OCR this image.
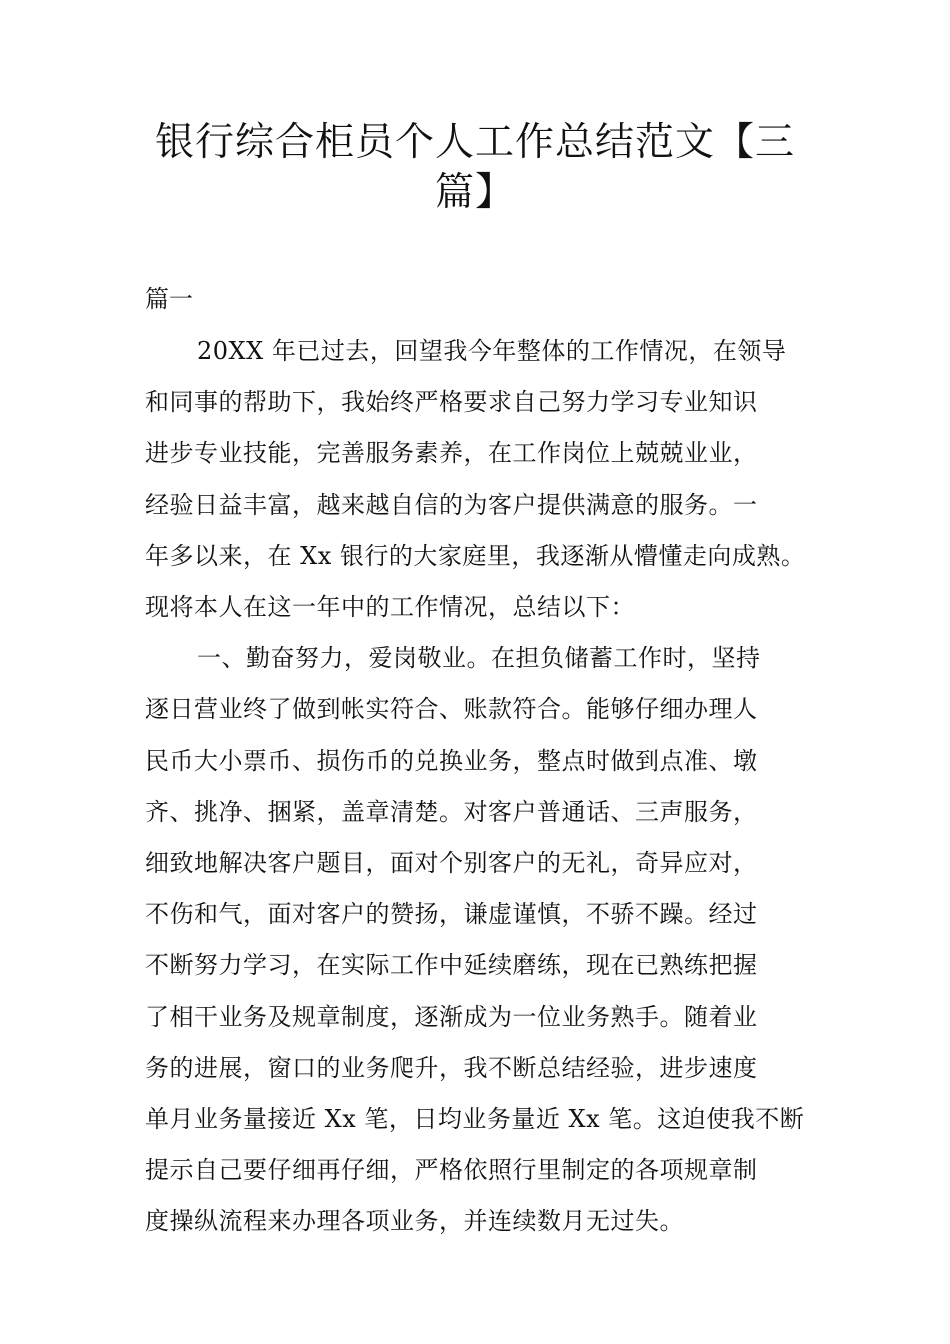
银行综合柜员个人工作总结范文【三
篇】
篇一
20XX 年已过去，回望我今年整体的工作情况，在领导
和同事的帮助下，我始终严格要求自己努力学习专业知识
进步专业技能，完善服务素养，在工作岗位上兢兢业业，
经验日益丰富，越来越自信的为客户提供满意的服务。一
年多以来，在 Xx 银行的大家庭里，我逐渐从懵懂走向成熟。
现将本人在这一年中的工作情况，总结以下：
一、勤奋努力，爱岗敬业。在担负储蓄工作时，坚持
逐日营业终了做到帐实符合、账款符合。能够仔细办理人
民币大小票币、损伤币的兑换业务，整点时做到点准、墩
齐、挑净、捆紧，盖章清楚。对客户普通话、三声服务，
细致地解决客户题目，面对个别客户的无礼，奇异应对，
不伤和气，面对客户的赞扬，谦虚谨慎，不骄不躁。经过
不断努力学习，在实际工作中延续磨练，现在已熟练把握
了相干业务及规章制度，逐渐成为一位业务熟手。随着业
务的进展，窗口的业务爬升，我不断总结经验，进步速度
单月业务量接近 Xx 笔，日均业务量近 Xx 笔。这迫使我不断
提示自己要仔细再仔细，严格依照行里制定的各项规章制
度操纵流程来办理各项业务，并连续数月无过失。
